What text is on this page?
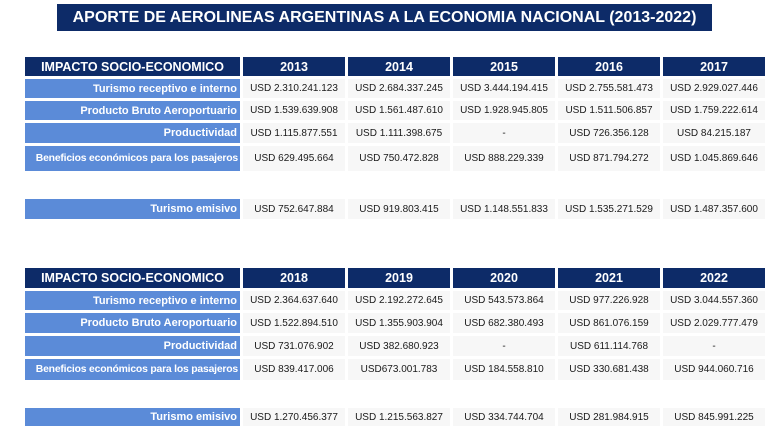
APORTE DE AEROLINEAS ARGENTINAS A LA ECONOMIA NACIONAL (2013-2022)
IMPACTO SOCIO-ECONOMICO	2013	2014	2015	2016	2017
Turismo receptivo e interno	USD 2.310.241.123	USD 2.684.337.245	USD 3.444.194.415	USD 2.755.581.473	USD 2.929.027.446
Producto Bruto Aeroportuario	USD 1.539.639.908	USD 1.561.487.610	USD 1.928.945.805	USD 1.511.506.857	USD 1.759.222.614
Productividad	USD 1.115.877.551	USD 1.111.398.675	-	USD 726.356.128	USD 84.215.187
Beneficios económicos para los pasajeros	USD 629.495.664	USD 750.472.828	USD 888.229.339	USD 871.794.272	USD 1.045.869.646
Turismo emisivo	USD 752.647.884	USD 919.803.415	USD 1.148.551.833	USD 1.535.271.529	USD 1.487.357.600
IMPACTO SOCIO-ECONOMICO	2018	2019	2020	2021	2022
Turismo receptivo e interno	USD 2.364.637.640	USD 2.192.272.645	USD 543.573.864	USD 977.226.928	USD 3.044.557.360
Producto Bruto Aeroportuario	USD 1.522.894.510	USD 1.355.903.904	USD 682.380.493	USD 861.076.159	USD 2.029.777.479
Productividad	USD 731.076.902	USD 382.680.923	-	USD 611.114.768	-
Beneficios económicos para los pasajeros	USD 839.417.006	USD673.001.783	USD 184.558.810	USD 330.681.438	USD 944.060.716
Turismo emisivo	USD 1.270.456.377	USD 1.215.563.827	USD 334.744.704	USD 281.984.915	USD 845.991.225
